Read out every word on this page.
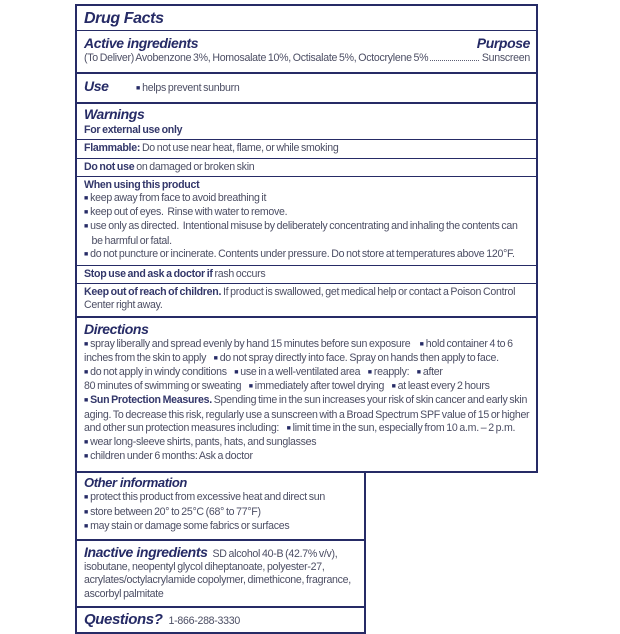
Drug Facts
Active ingredients	Purpose
(To Deliver) Avobenzone 3%, Homosalate 10%, Octisalate 5%, Octocrylene 5%	Sunscreen
Use	■ helps prevent sunburn
Warnings
For external use only
Flammable: Do not use near heat, flame, or while smoking
Do not use on damaged or broken skin
When using this product
■ keep away from face to avoid breathing it
■ keep out of eyes.  Rinse with water to remove.
■ use only as directed.  Intentional misuse by deliberately concentrating and inhaling the contents can
be harmful or fatal.
■ do not puncture or incinerate. Contents under pressure. Do not store at temperatures above 120°F.
Stop use and ask a doctor if rash occurs
Keep out of reach of children. If product is swallowed, get medical help or contact a Poison Control
Center right away.
Directions
■ spray liberally and spread evenly by hand 15 minutes before sun exposure     ■ hold container 4 to 6
inches from the skin to apply    ■ do not spray directly into face. Spray on hands then apply to face.
■ do not apply in windy conditions    ■ use in a well-ventilated area    ■ reapply:    ■ after
80 minutes of swimming or sweating    ■ immediately after towel drying    ■ at least every 2 hours
■ Sun Protection Measures. Spending time in the sun increases your risk of skin cancer and early skin
aging. To decrease this risk, regularly use a sunscreen with a Broad Spectrum SPF value of 15 or higher
and other sun protection measures including:    ■ limit time in the sun, especially from 10 a.m. – 2 p.m.
■ wear long-sleeve shirts, pants, hats, and sunglasses
■ children under 6 months: Ask a doctor
Other information
■ protect this product from excessive heat and direct sun
■ store between 20° to 25°C (68° to 77°F)
■ may stain or damage some fabrics or surfaces
Inactive ingredients SD alcohol 40-B (42.7% v/v),
isobutane, neopentyl glycol diheptanoate, polyester-27,
acrylates/octylacrylamide copolymer, dimethicone, fragrance,
ascorbyl palmitate
Questions? 1-866-288-3330
